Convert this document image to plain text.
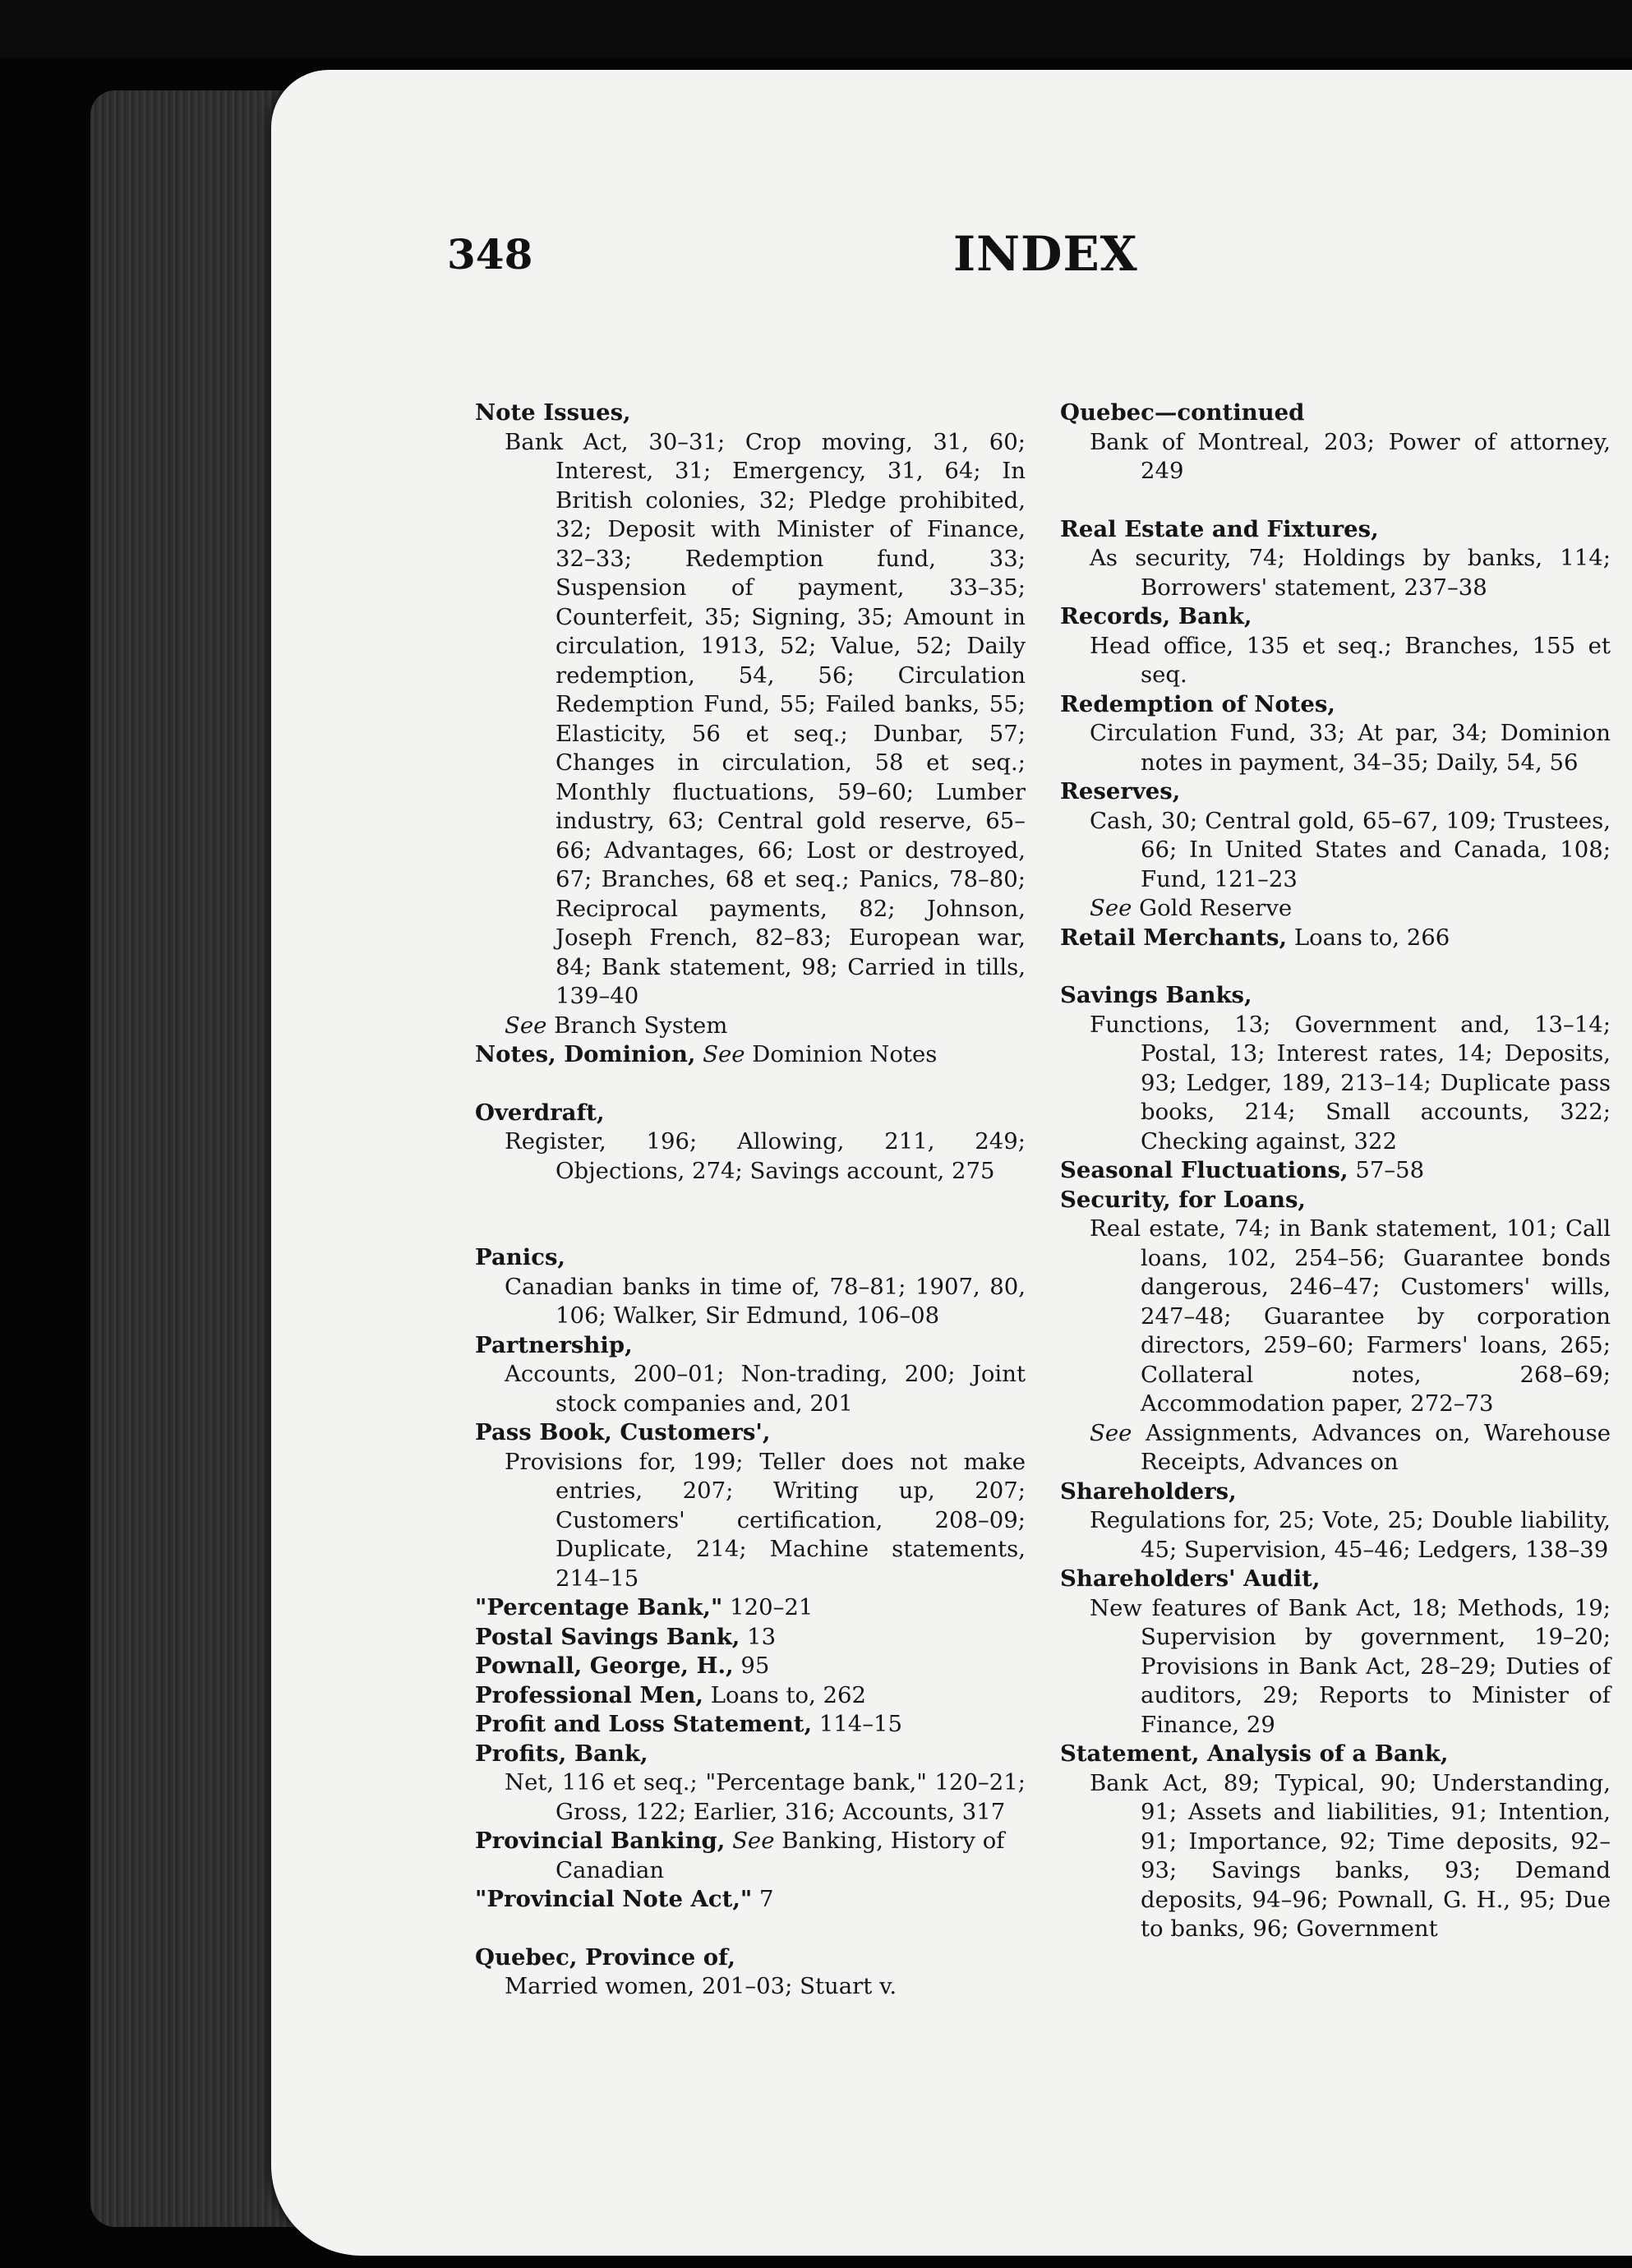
348	INDEX

Note Issues,

Bank Act, 30–31; Crop moving, 31, 60; Interest, 31; Emergency, 31, 64; In British colonies, 32; Pledge prohibited, 32; Deposit with Minister of Finance, 32–33; Redemption fund, 33; Suspension of payment, 33–35; Counterfeit, 35; Signing, 35; Amount in circulation, 1913, 52; Value, 52; Daily redemption, 54, 56; Circulation Redemption Fund, 55; Failed banks, 55; Elasticity, 56 et seq.; Dunbar, 57; Changes in circulation, 58 et seq.; Monthly fluctuations, 59–60; Lumber industry, 63; Central gold reserve, 65–66; Advantages, 66; Lost or destroyed, 67; Branches, 68 et seq.; Panics, 78–80; Reciprocal payments, 82; Johnson, Joseph French, 82–83; European war, 84; Bank statement, 98; Carried in tills, 139–40

See Branch System

Notes, Dominion, See Dominion Notes

Overdraft,

Register, 196; Allowing, 211, 249; Objections, 274; Savings account, 275

Panics,

Canadian banks in time of, 78–81; 1907, 80, 106; Walker, Sir Edmund, 106–08

Partnership,

Accounts, 200–01; Non-trading, 200; Joint stock companies and, 201

Pass Book, Customers',

Provisions for, 199; Teller does not make entries, 207; Writing up, 207; Customers' certification, 208–09; Duplicate, 214; Machine statements, 214–15

"Percentage Bank," 120–21

Postal Savings Bank, 13

Pownall, George, H., 95

Professional Men, Loans to, 262

Profit and Loss Statement, 114–15

Profits, Bank,

Net, 116 et seq.; "Percentage bank," 120–21; Gross, 122; Earlier, 316; Accounts, 317

Provincial Banking, See Banking, History of Canadian

"Provincial Note Act," 7

Quebec, Province of,

Married women, 201–03; Stuart v.

Quebec—continued

Bank of Montreal, 203; Power of attorney, 249

Real Estate and Fixtures,

As security, 74; Holdings by banks, 114; Borrowers' statement, 237–38

Records, Bank,

Head office, 135 et seq.; Branches, 155 et seq.

Redemption of Notes,

Circulation Fund, 33; At par, 34; Dominion notes in payment, 34–35; Daily, 54, 56

Reserves,

Cash, 30; Central gold, 65–67, 109; Trustees, 66; In United States and Canada, 108; Fund, 121–23

See Gold Reserve

Retail Merchants, Loans to, 266

Savings Banks,

Functions, 13; Government and, 13–14; Postal, 13; Interest rates, 14; Deposits, 93; Ledger, 189, 213–14; Duplicate pass books, 214; Small accounts, 322; Checking against, 322

Seasonal Fluctuations, 57–58

Security, for Loans,

Real estate, 74; in Bank statement, 101; Call loans, 102, 254–56; Guarantee bonds dangerous, 246–47; Customers' wills, 247–48; Guarantee by corporation directors, 259–60; Farmers' loans, 265; Collateral notes, 268–69; Accommodation paper, 272–73

See Assignments, Advances on, Warehouse Receipts, Advances on

Shareholders,

Regulations for, 25; Vote, 25; Double liability, 45; Supervision, 45–46; Ledgers, 138–39

Shareholders' Audit,

New features of Bank Act, 18; Methods, 19; Supervision by government, 19–20; Provisions in Bank Act, 28–29; Duties of auditors, 29; Reports to Minister of Finance, 29

Statement, Analysis of a Bank,

Bank Act, 89; Typical, 90; Understanding, 91; Assets and liabilities, 91; Intention, 91; Importance, 92; Time deposits, 92–93; Savings banks, 93; Demand deposits, 94–96; Pownall, G. H., 95; Due to banks, 96; Government
